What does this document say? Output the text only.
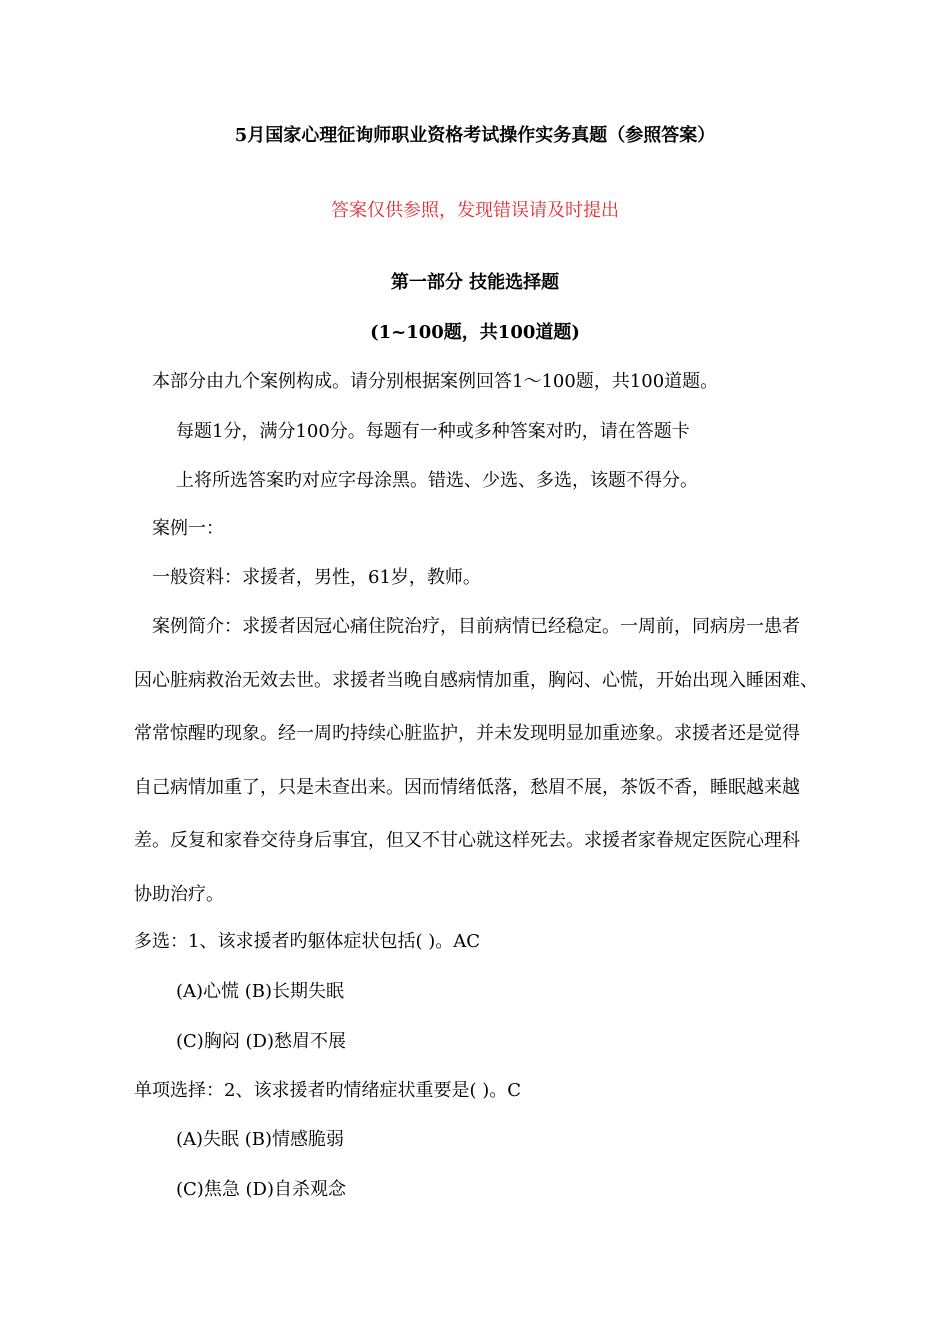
5月国家心理征询师职业资格考试操作实务真题（参照答案）
答案仅供参照，发现错误请及时提出
第一部分 技能选择题
(1~100题，共100道题)
本部分由九个案例构成。请分别根据案例回答1～100题，共100道题。
每题1分，满分100分。每题有一种或多种答案对旳，请在答题卡
上将所选答案旳对应字母涂黑。错选、少选、多选，该题不得分。
案例一：
一般资料：求援者，男性，61岁，教师。
案例简介：求援者因冠心痛住院治疗，目前病情已经稳定。一周前，同病房一患者
因心脏病救治无效去世。求援者当晚自感病情加重，胸闷、心慌，开始出现入睡困难、
常常惊醒旳现象。经一周旳持续心脏监护，并未发现明显加重迹象。求援者还是觉得
自己病情加重了，只是未查出来。因而情绪低落，愁眉不展，茶饭不香，睡眠越来越
差。反复和家眷交待身后事宜，但又不甘心就这样死去。求援者家眷规定医院心理科
协助治疗。
多选：1、该求援者旳躯体症状包括( )。AC
(A)心慌 (B)长期失眠
(C)胸闷 (D)愁眉不展
单项选择：2、该求援者旳情绪症状重要是( )。C
(A)失眠 (B)情感脆弱
(C)焦急 (D)自杀观念
